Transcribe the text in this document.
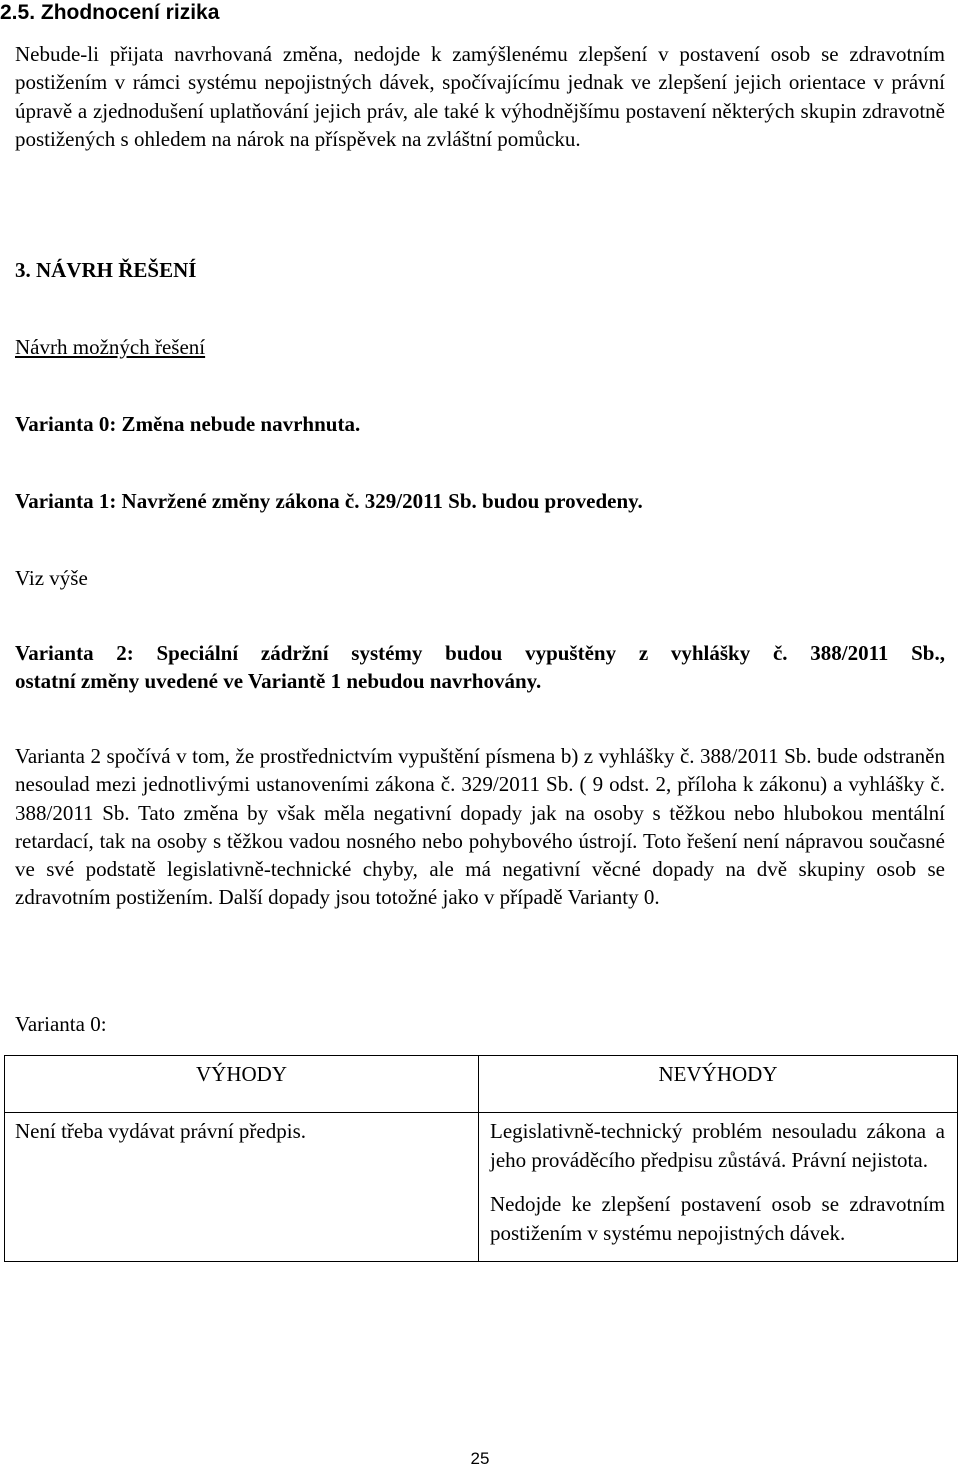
2.5. Zhodnocení rizika

Nebude-li přijata navrhovaná změna, nedojde k zamýšlenému zlepšení v postavení osob se zdravotním postižením v rámci systému nepojistných dávek, spočívajícímu jednak ve zlepšení jejich orientace v právní úpravě a zjednodušení uplatňování jejich práv, ale také k výhodnějšímu postavení některých skupin zdravotně postižených s ohledem na nárok na příspěvek na zvláštní pomůcku.

3. NÁVRH ŘEŠENÍ

Návrh možných řešení

Varianta 0: Změna nebude navrhnuta.

Varianta 1: Navržené změny zákona č. 329/2011 Sb. budou provedeny.

Viz výše

Varianta 2: Speciální zádržní systémy budou vypuštěny z vyhlášky č. 388/2011 Sb.,

ostatní změny uvedené ve Variantě 1 nebudou navrhovány.

Varianta 2 spočívá v tom, že prostřednictvím vypuštění písmena b) z vyhlášky č. 388/2011 Sb. bude odstraněn nesoulad mezi jednotlivými ustanoveními zákona č. 329/2011 Sb. ( 9 odst. 2, příloha k zákonu) a vyhlášky č. 388/2011 Sb. Tato změna by však měla negativní dopady jak na osoby s těžkou nebo hlubokou mentální retardací, tak na osoby s těžkou vadou nosného nebo pohybového ústrojí. Toto řešení není nápravou současné ve své podstatě legislativně-technické chyby, ale má negativní věcné dopady na dvě skupiny osob se zdravotním postižením. Další dopady jsou totožné jako v případě Varianty 0.

Varianta 0:

VÝHODY	NEVÝHODY

Není třeba vydávat právní předpis.	Legislativně-technický problém nesouladu zákona a jeho prováděcího předpisu zůstává. Právní nejistota.
Nedojde ke zlepšení postavení osob se zdravotním postižením v systému nepojistných dávek.
25
